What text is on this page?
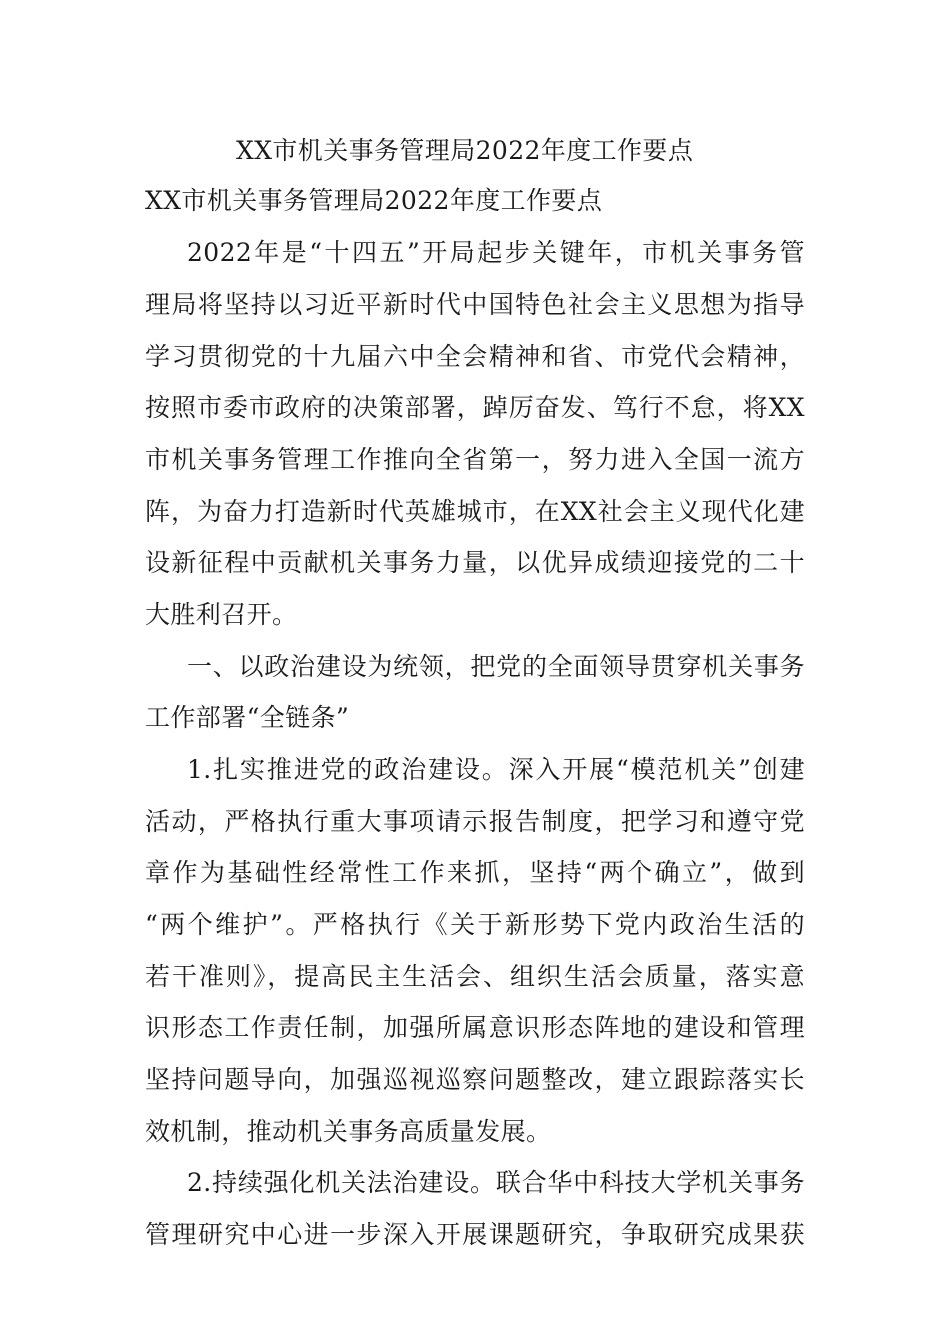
XX市机关事务管理局2022年度工作要点
XX市机关事务管理局2022年度工作要点
2022年是“十四五”开局起步关键年，市机关事务管
理局将坚持以习近平新时代中国特色社会主义思想为指导
学习贯彻党的十九届六中全会精神和省、市党代会精神，
按照市委市政府的决策部署，踔厉奋发、笃行不怠，将XX
市机关事务管理工作推向全省第一，努力进入全国一流方
阵，为奋力打造新时代英雄城市，在XX社会主义现代化建
设新征程中贡献机关事务力量，以优异成绩迎接党的二十
大胜利召开。
一、以政治建设为统领，把党的全面领导贯穿机关事务
工作部署“全链条”
1.扎实推进党的政治建设。深入开展“模范机关”创建
活动，严格执行重大事项请示报告制度，把学习和遵守党
章作为基础性经常性工作来抓，坚持“两个确立”，做到
“两个维护”。严格执行《关于新形势下党内政治生活的
若干准则》，提高民主生活会、组织生活会质量，落实意
识形态工作责任制，加强所属意识形态阵地的建设和管理
坚持问题导向，加强巡视巡察问题整改，建立跟踪落实长
效机制，推动机关事务高质量发展。
2.持续强化机关法治建设。联合华中科技大学机关事务
管理研究中心进一步深入开展课题研究，争取研究成果获
